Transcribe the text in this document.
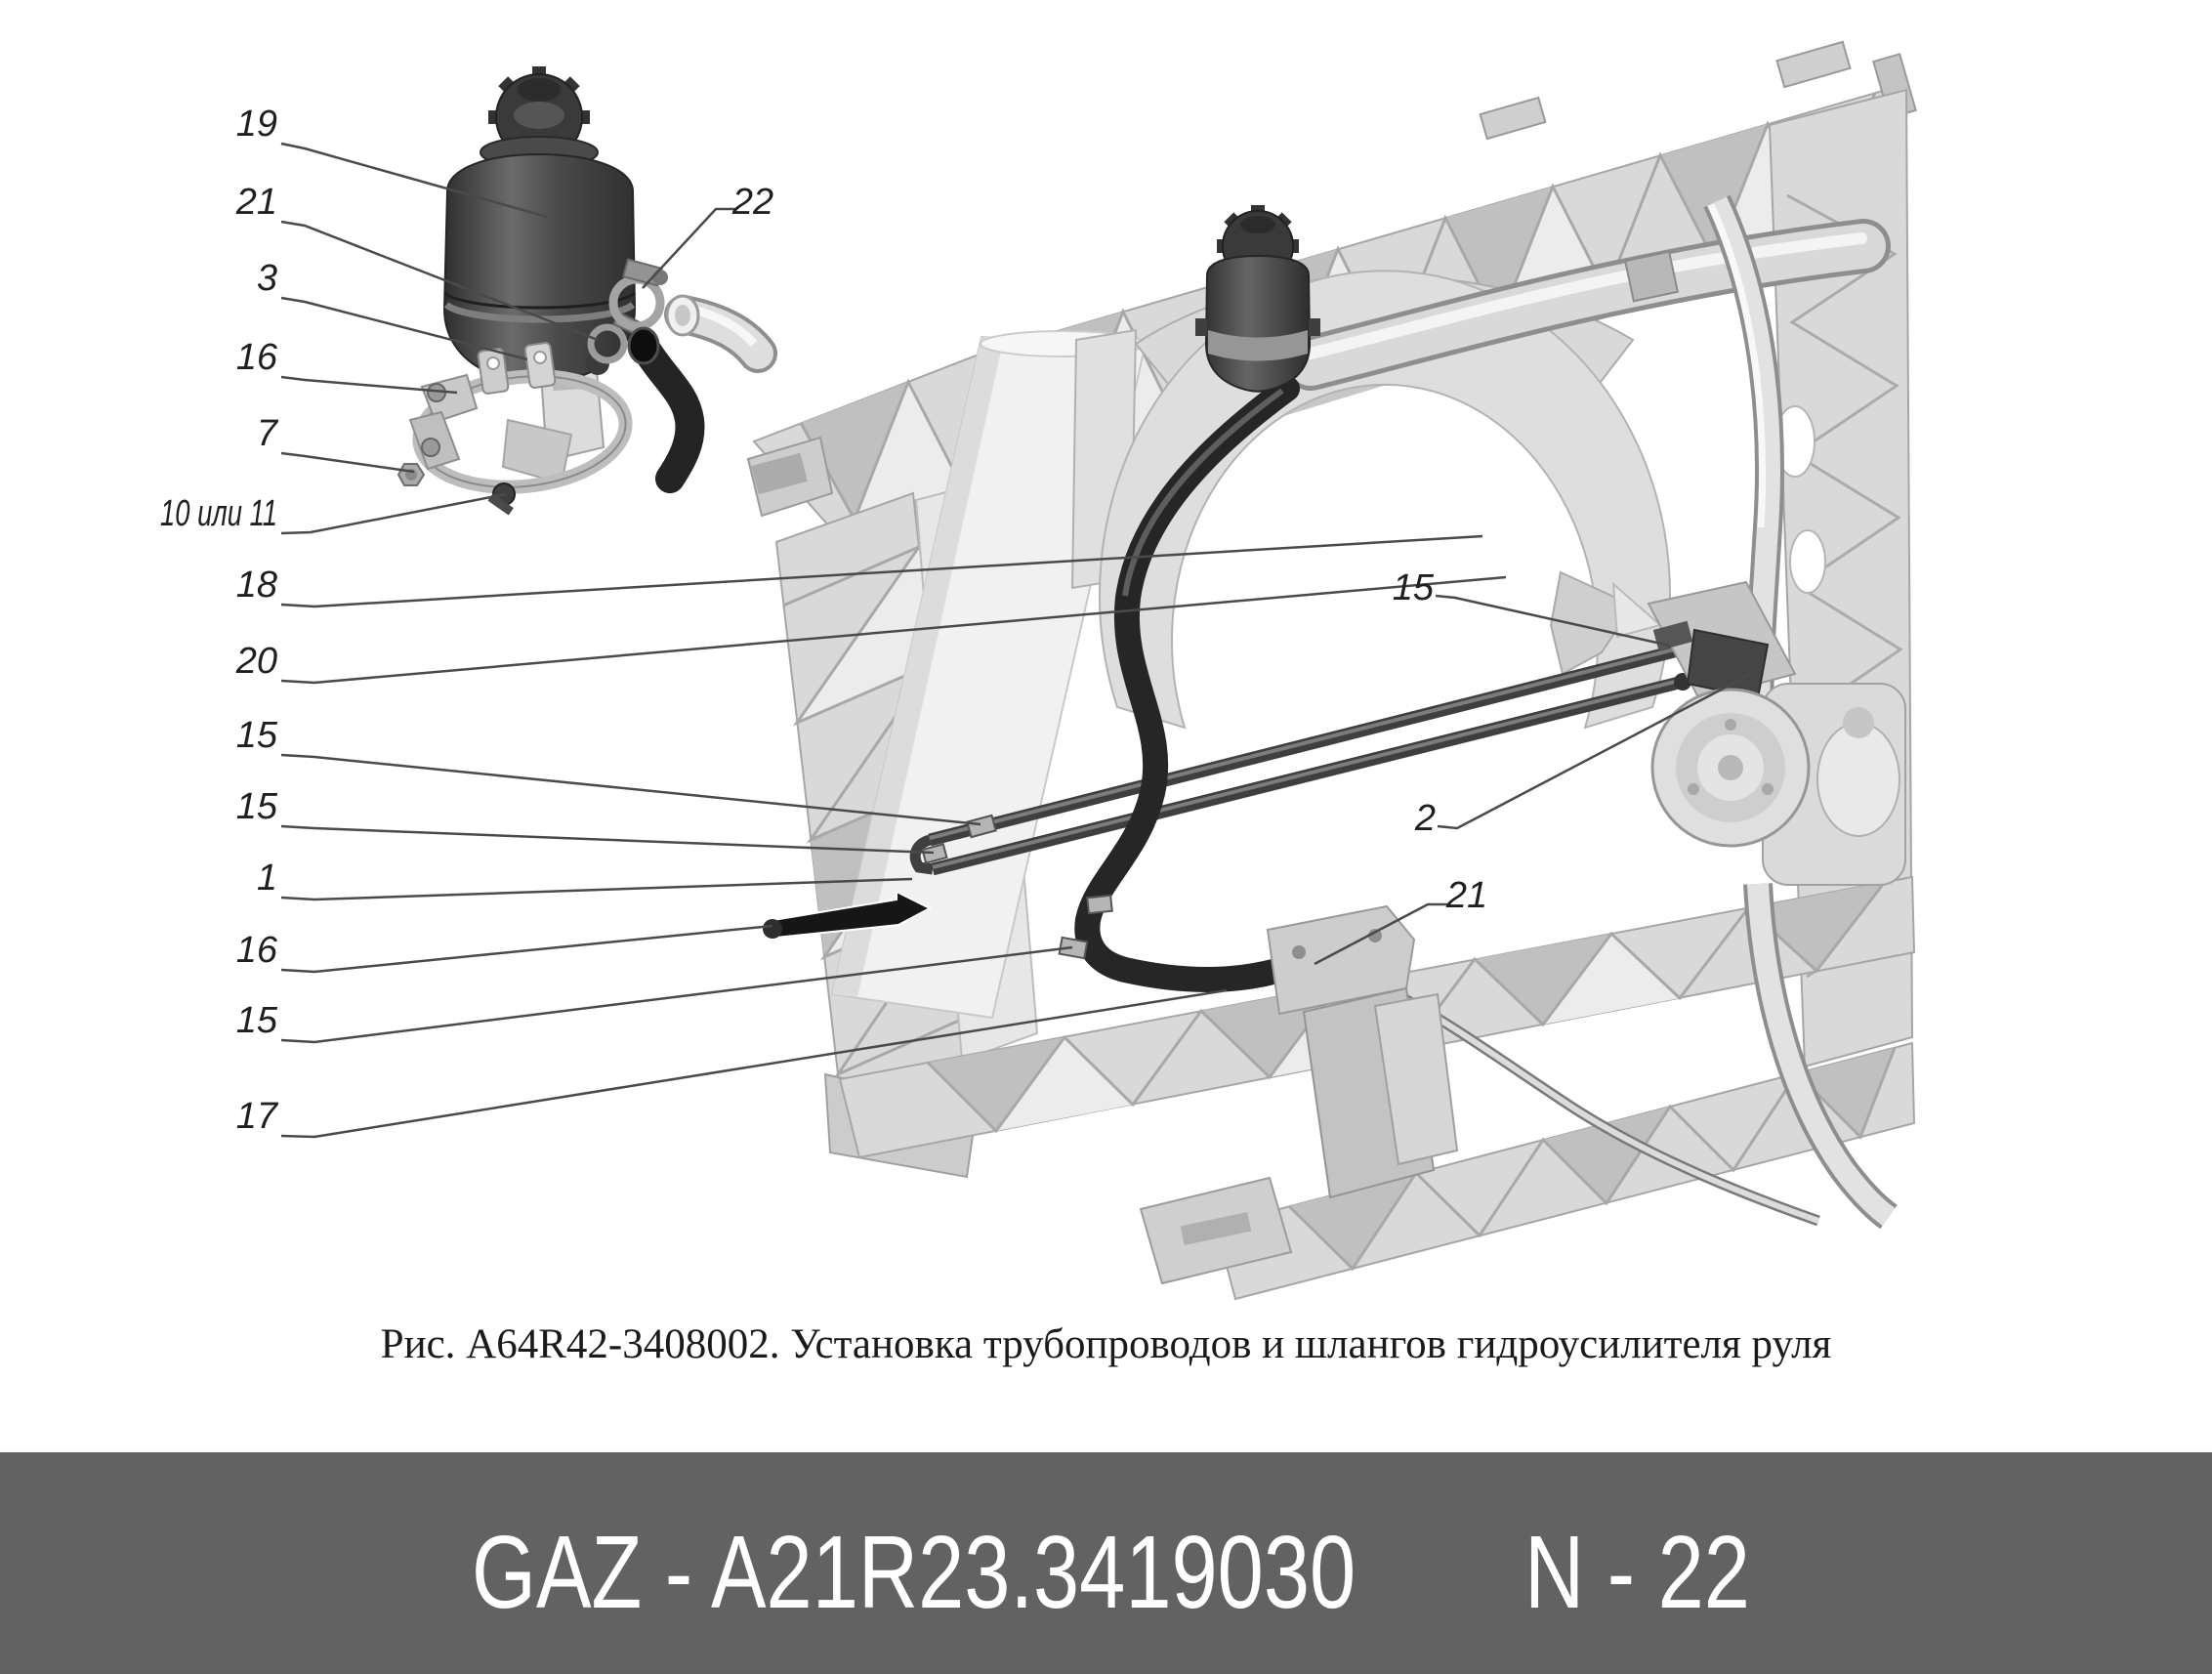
19
21
3
16
7
10 или 11
18
20
15
15
1
16
15
17
22
15
2
21
Рис. А64R42-3408002. Установка трубопроводов и шлангов гидроусилителя руля
GAZ - A21R23.3419030 N - 22
